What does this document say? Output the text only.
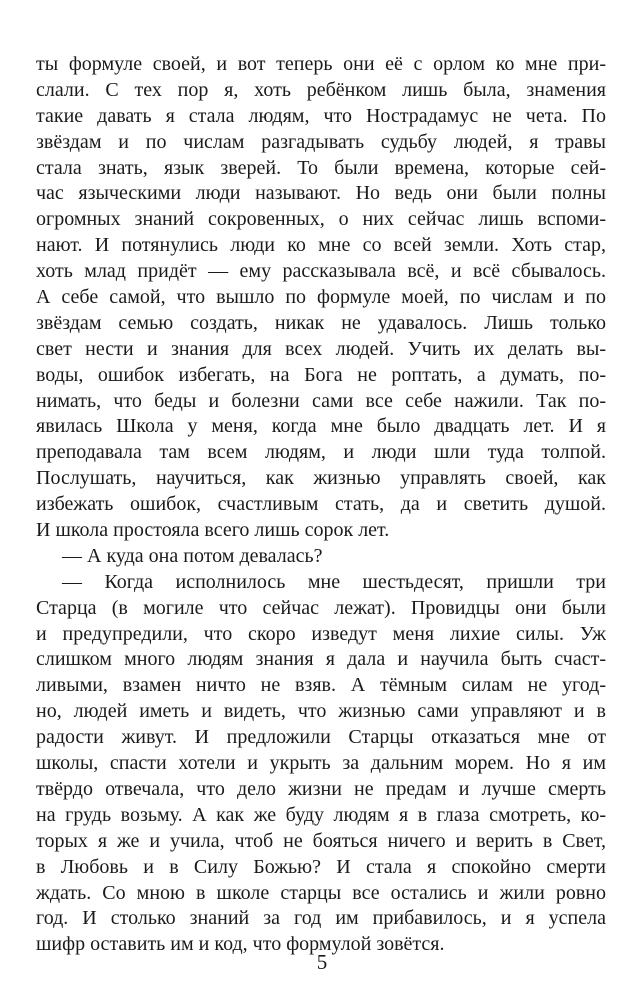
ты формуле своей, и вот теперь они её с орлом ко мне при-
слали. С тех пор я, хоть ребёнком лишь была, знамения
такие давать я стала людям, что Нострадамус не чета. По
звёздам и по числам разгадывать судьбу людей, я травы
стала знать, язык зверей. То были времена, которые сей-
час языческими люди называют. Но ведь они были полны
огромных знаний сокровенных, о них сейчас лишь вспоми-
нают. И потянулись люди ко мне со всей земли. Хоть стар,
хоть млад придёт — ему рассказывала всё, и всё сбывалось.
А себе самой, что вышло по формуле моей, по числам и по
звёздам семью создать, никак не удавалось. Лишь только
свет нести и знания для всех людей. Учить их делать вы-
воды, ошибок избегать, на Бога не роптать, а думать, по-
нимать, что беды и болезни сами все себе нажили. Так по-
явилась Школа у меня, когда мне было двадцать лет. И я
преподавала там всем людям, и люди шли туда толпой.
Послушать, научиться, как жизнью управлять своей, как
избежать ошибок, счастливым стать, да и светить душой.
И школа простояла всего лишь сорок лет.
— А куда она потом девалась?
— Когда исполнилось мне шестьдесят, пришли три
Старца (в могиле что сейчас лежат). Провидцы они были
и предупредили, что скоро изведут меня лихие силы. Уж
слишком много людям знания я дала и научила быть счаст-
ливыми, взамен ничто не взяв. А тёмным силам не угод-
но, людей иметь и видеть, что жизнью сами управляют и в
радости живут. И предложили Старцы отказаться мне от
школы, спасти хотели и укрыть за дальним морем. Но я им
твёрдо отвечала, что дело жизни не предам и лучше смерть
на грудь возьму. А как же буду людям я в глаза смотреть, ко-
торых я же и учила, чтоб не бояться ничего и верить в Свет,
в Любовь и в Силу Божью? И стала я спокойно смерти
ждать. Со мною в школе старцы все остались и жили ровно
год. И столько знаний за год им прибавилось, и я успела
шифр оставить им и код, что формулой зовётся.
5
